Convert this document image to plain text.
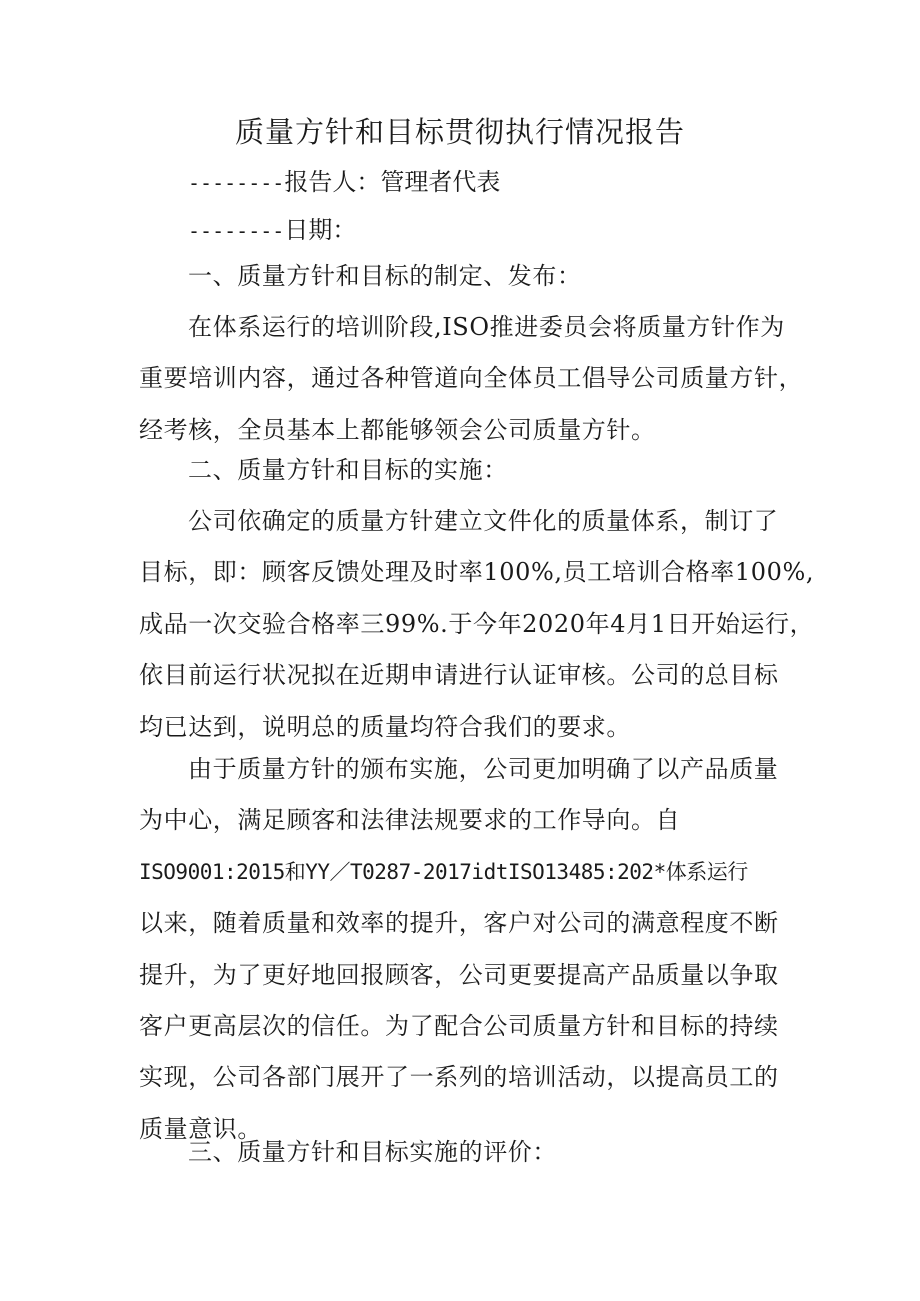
质量方针和目标贯彻执行情况报告
--------报告人：管理者代表
--------日期：
一、质量方针和目标的制定、发布：
在体系运行的培训阶段,ISO推进委员会将质量方针作为
重要培训内容，通过各种管道向全体员工倡导公司质量方针，
经考核，全员基本上都能够领会公司质量方针。
二、质量方针和目标的实施：
公司依确定的质量方针建立文件化的质量体系，制订了
目标，即：顾客反馈处理及时率100%,员工培训合格率100%,
成品一次交验合格率三99%.于今年2020年4月1日开始运行，
依目前运行状况拟在近期申请进行认证审核。公司的总目标
均已达到，说明总的质量均符合我们的要求。
由于质量方针的颁布实施，公司更加明确了以产品质量
为中心，满足顾客和法律法规要求的工作导向。自
ISO9001:2015和YY／T0287-2017idtISO13485:202*体系运行
以来，随着质量和效率的提升，客户对公司的满意程度不断
提升，为了更好地回报顾客，公司更要提高产品质量以争取
客户更高层次的信任。为了配合公司质量方针和目标的持续
实现，公司各部门展开了一系列的培训活动，以提高员工的
质量意识。
三、质量方针和目标实施的评价：
